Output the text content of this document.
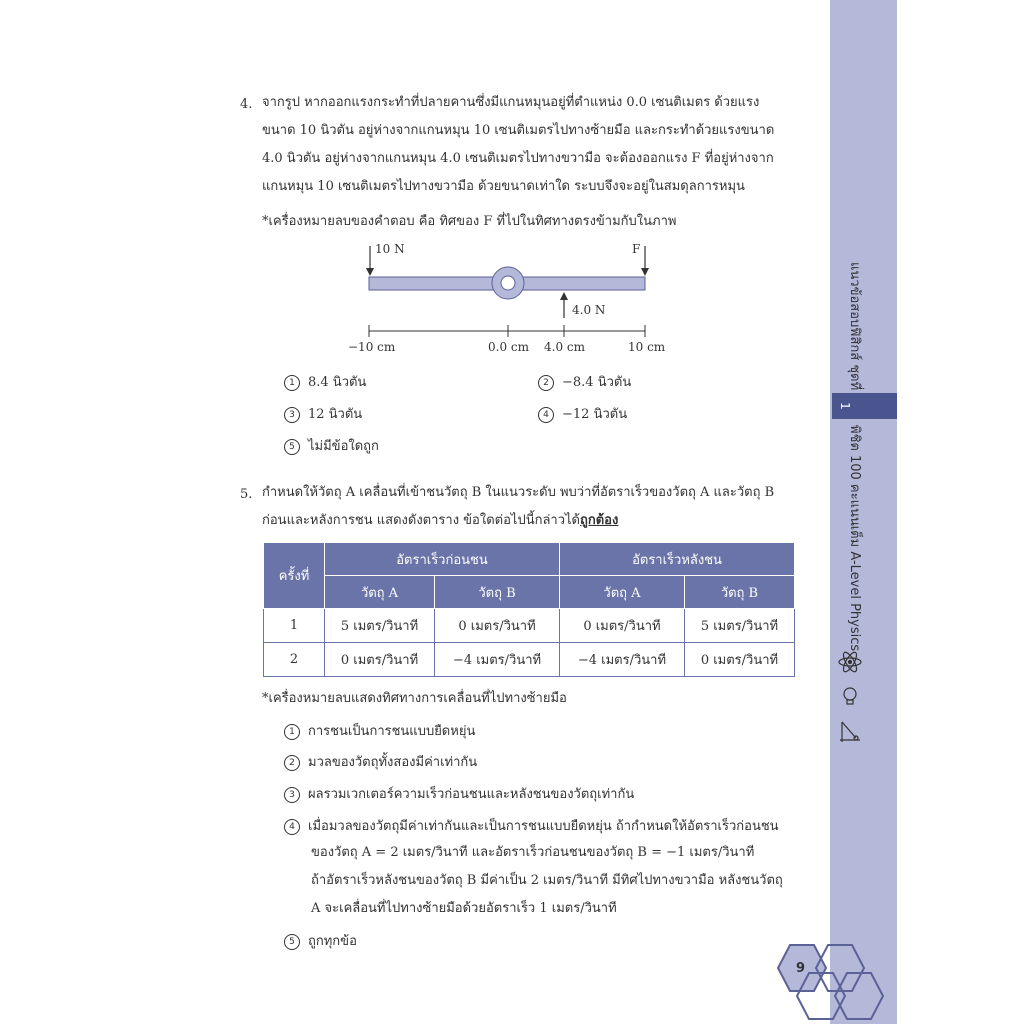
แนวข้อสอบฟิสิกส์ ชุดที่
1
พิชิต 100 คะแนนเต็ม A-Level Physics
4. จากรูป หากออกแรงกระทำที่ปลายคานซึ่งมีแกนหมุนอยู่ที่ตำแหน่ง 0.0 เซนติเมตร ด้วยแรง
ขนาด 10 นิวตัน อยู่ห่างจากแกนหมุน 10 เซนติเมตรไปทางซ้ายมือ และกระทำด้วยแรงขนาด
4.0 นิวตัน อยู่ห่างจากแกนหมุน 4.0 เซนติเมตรไปทางขวามือ จะต้องออกแรง F ที่อยู่ห่างจาก
แกนหมุน 10 เซนติเมตรไปทางขวามือ ด้วยขนาดเท่าใด ระบบจึงจะอยู่ในสมดุลการหมุน
*เครื่องหมายลบของคำตอบ คือ ทิศของ F ที่ไปในทิศทางตรงข้ามกับในภาพ
10 N	F
4.0 N
−10 cm	0.0 cm 4.0 cm	10 cm
1 8.4 นิวตัน	2 −8.4 นิวตัน
3 12 นิวตัน	4 −12 นิวตัน
5 ไม่มีข้อใดถูก
5. กำหนดให้วัตถุ A เคลื่อนที่เข้าชนวัตถุ B ในแนวระดับ พบว่าที่อัตราเร็วของวัตถุ A และวัตถุ B
ก่อนและหลังการชน แสดงดังตาราง ข้อใดต่อไปนี้กล่าวได้ถูกต้อง
ครั้งที่	อัตราเร็วก่อนชน		อัตราเร็วหลังชน	
	วัตถุ A	วัตถุ B	วัตถุ A	วัตถุ B
1	5 เมตร/วินาที	0 เมตร/วินาที	0 เมตร/วินาที	5 เมตร/วินาที
2	0 เมตร/วินาที	−4 เมตร/วินาที	−4 เมตร/วินาที	0 เมตร/วินาที
*เครื่องหมายลบแสดงทิศทางการเคลื่อนที่ไปทางซ้ายมือ
1 การชนเป็นการชนแบบยืดหยุ่น
2 มวลของวัตถุทั้งสองมีค่าเท่ากัน
3 ผลรวมเวกเตอร์ความเร็วก่อนชนและหลังชนของวัตถุเท่ากัน
4 เมื่อมวลของวัตถุมีค่าเท่ากันและเป็นการชนแบบยืดหยุ่น ถ้ากำหนดให้อัตราเร็วก่อนชน
ของวัตถุ A = 2 เมตร/วินาที และอัตราเร็วก่อนชนของวัตถุ B = −1 เมตร/วินาที
ถ้าอัตราเร็วหลังชนของวัตถุ B มีค่าเป็น 2 เมตร/วินาที มีทิศไปทางขวามือ หลังชนวัตถุ
A จะเคลื่อนที่ไปทางซ้ายมือด้วยอัตราเร็ว 1 เมตร/วินาที
5 ถูกทุกข้อ
9
